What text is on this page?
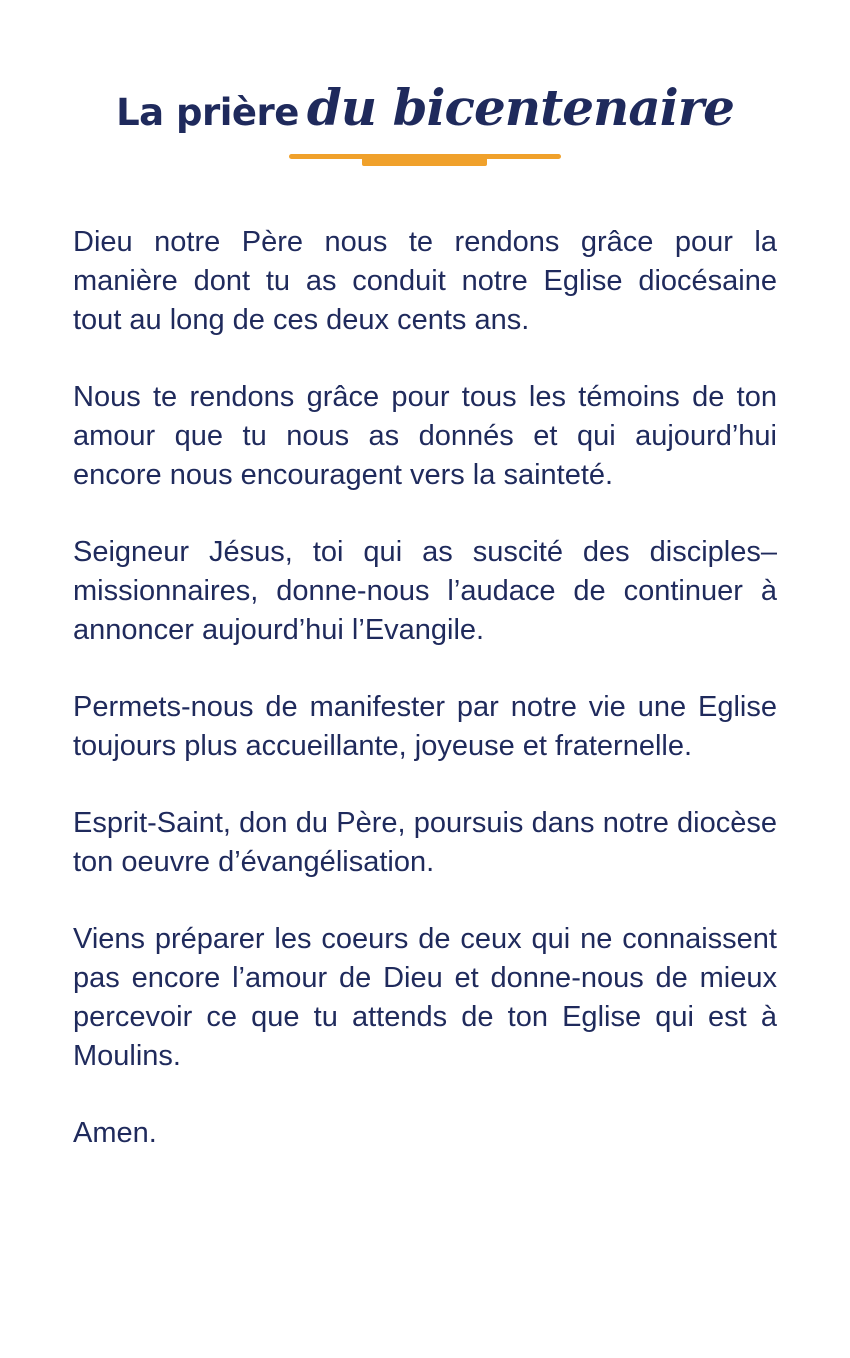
La prière du bicentenaire

Dieu notre Père nous te rendons grâce pour la manière dont tu as conduit notre Eglise diocésaine tout au long de ces deux cents ans.

Nous te rendons grâce pour tous les témoins de ton amour que tu nous as donnés et qui aujourd’hui encore nous encouragent vers la sainteté.

Seigneur Jésus, toi qui as suscité des disciples–missionnaires, donne-nous l’audace de continuer à annoncer aujourd’hui l’Evangile.

Permets-nous de manifester par notre vie une Eglise toujours plus accueillante, joyeuse et fraternelle.

Esprit-Saint, don du Père, poursuis dans notre diocèse ton oeuvre d’évangélisation.

Viens préparer les coeurs de ceux qui ne connaissent pas encore l’amour de Dieu et donne-nous de mieux percevoir ce que tu attends de ton Eglise qui est à Moulins.

Amen.
